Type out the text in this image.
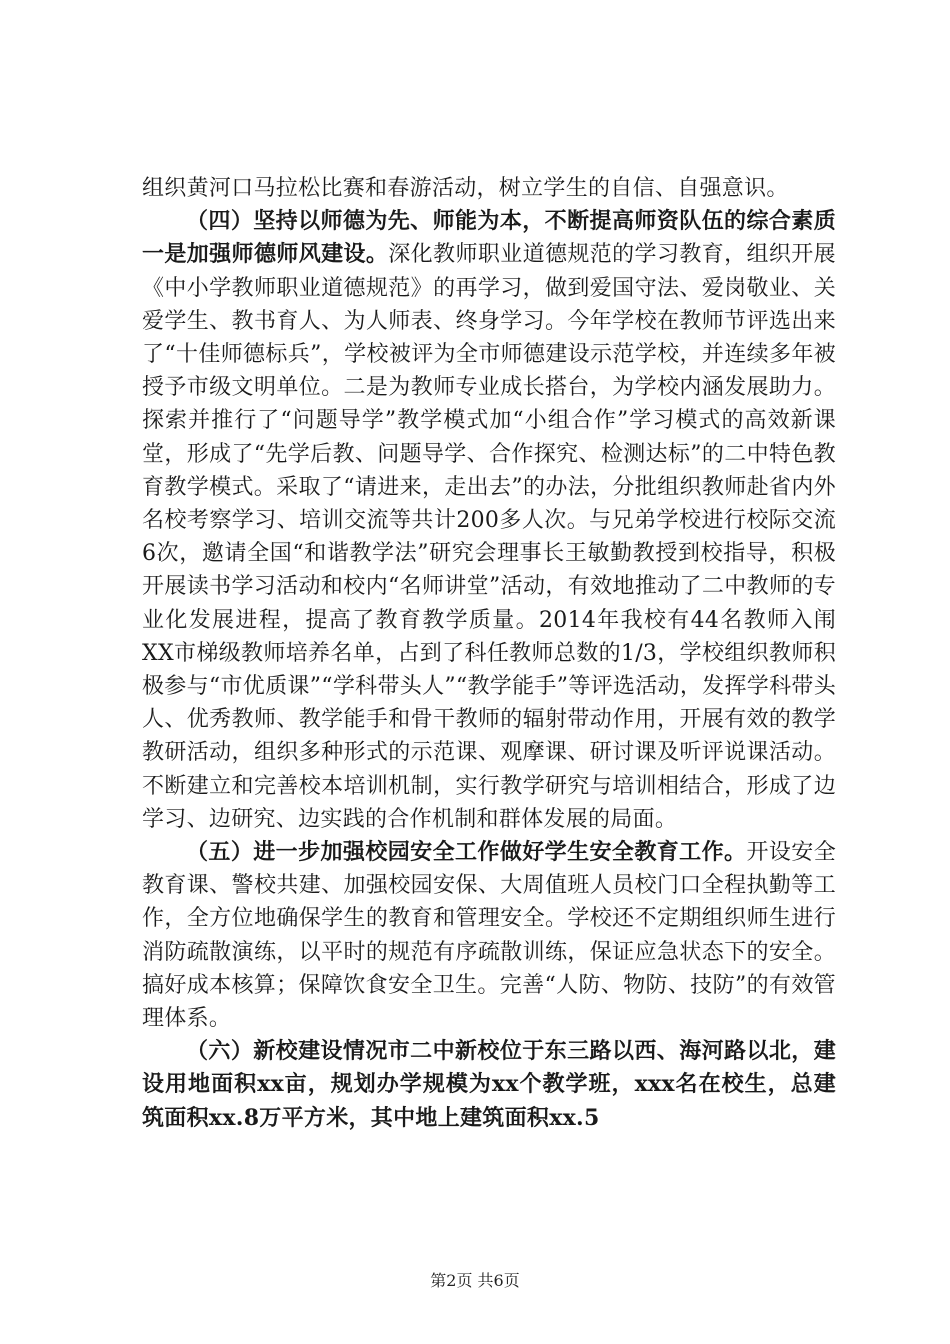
组织黄河口马拉松比赛和春游活动，树立学生的自信、自强意识。

（四）坚持以师德为先、师能为本，不断提高师资队伍的综合素质一是加强师德师风建设。深化教师职业道德规范的学习教育，组织开展《中小学教师职业道德规范》的再学习，做到爱国守法、爱岗敬业、关爱学生、教书育人、为人师表、终身学习。今年学校在教师节评选出来了“十佳师德标兵”，学校被评为全市师德建设示范学校，并连续多年被授予市级文明单位。二是为教师专业成长搭台，为学校内涵发展助力。探索并推行了“问题导学”教学模式加“小组合作”学习模式的高效新课堂，形成了“先学后教、问题导学、合作探究、检测达标”的二中特色教育教学模式。采取了“请进来，走出去”的办法，分批组织教师赴省内外名校考察学习、培训交流等共计200多人次。与兄弟学校进行校际交流6次，邀请全国“和谐教学法”研究会理事长王敏勤教授到校指导，积极开展读书学习活动和校内“名师讲堂”活动，有效地推动了二中教师的专业化发展进程，提高了教育教学质量。2014年我校有44名教师入闱XX市梯级教师培养名单，占到了科任教师总数的1/3，学校组织教师积极参与“市优质课”“学科带头人”“教学能手”等评选活动，发挥学科带头人、优秀教师、教学能手和骨干教师的辐射带动作用，开展有效的教学教研活动，组织多种形式的示范课、观摩课、研讨课及听评说课活动。不断建立和完善校本培训机制，实行教学研究与培训相结合，形成了边学习、边研究、边实践的合作机制和群体发展的局面。

（五）进一步加强校园安全工作做好学生安全教育工作。开设安全教育课、警校共建、加强校园安保、大周值班人员校门口全程执勤等工作，全方位地确保学生的教育和管理安全。学校还不定期组织师生进行消防疏散演练，以平时的规范有序疏散训练，保证应急状态下的安全。搞好成本核算；保障饮食安全卫生。完善“人防、物防、技防”的有效管理体系。

（六）新校建设情况市二中新校位于东三路以西、海河路以北，建设用地面积xx亩，规划办学规模为xx个教学班，xxx名在校生，总建筑面积xx.8万平方米，其中地上建筑面积xx.5

第2页 共6页
